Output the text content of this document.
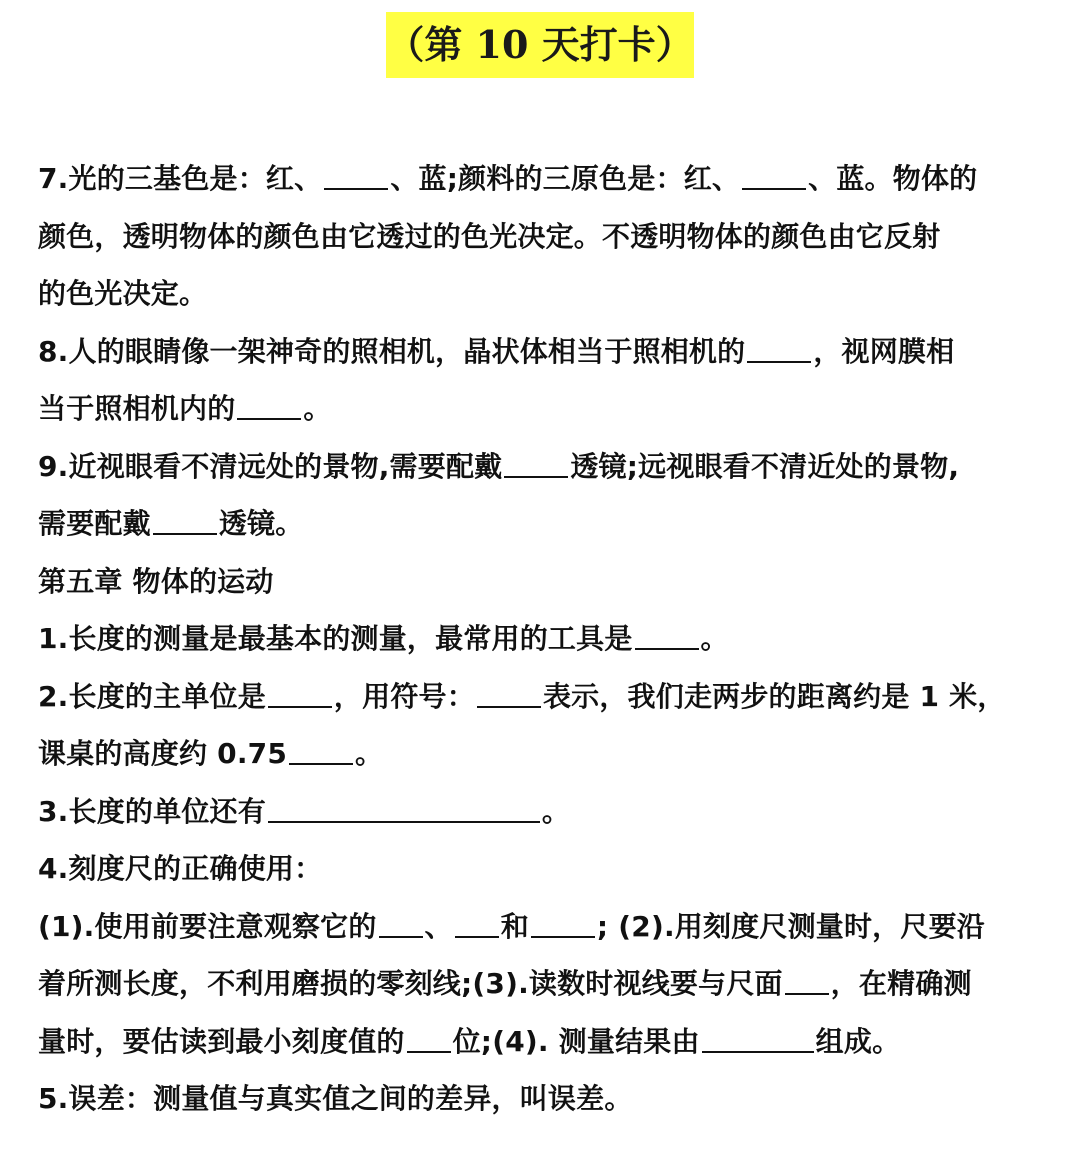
（第 10 天打卡）
7.光的三基色是：红、 、蓝;颜料的三原色是：红、 、蓝。物体的
颜色，透明物体的颜色由它透过的色光决定。不透明物体的颜色由它反射
的色光决定。
8.人的眼睛像一架神奇的照相机，晶状体相当于照相机的 ，视网膜相
当于照相机内的 。
9.近视眼看不清远处的景物,需要配戴 透镜;远视眼看不清近处的景物,
需要配戴 透镜。
第五章 物体的运动
1.长度的测量是最基本的测量，最常用的工具是 。
2.长度的主单位是 ，用符号： 表示，我们走两步的距离约是 1 米，
课桌的高度约 0.75 。
3.长度的单位还有	。
4.刻度尺的正确使用：
(1).使用前要注意观察它的 、 和 ; (2).用刻度尺测量时，尺要沿
着所测长度，不利用磨损的零刻线;(3).读数时视线要与尺面 ，在精确测
量时，要估读到最小刻度值的 位;(4). 测量结果由	组成。
5.误差：测量值与真实值之间的差异，叫误差。
